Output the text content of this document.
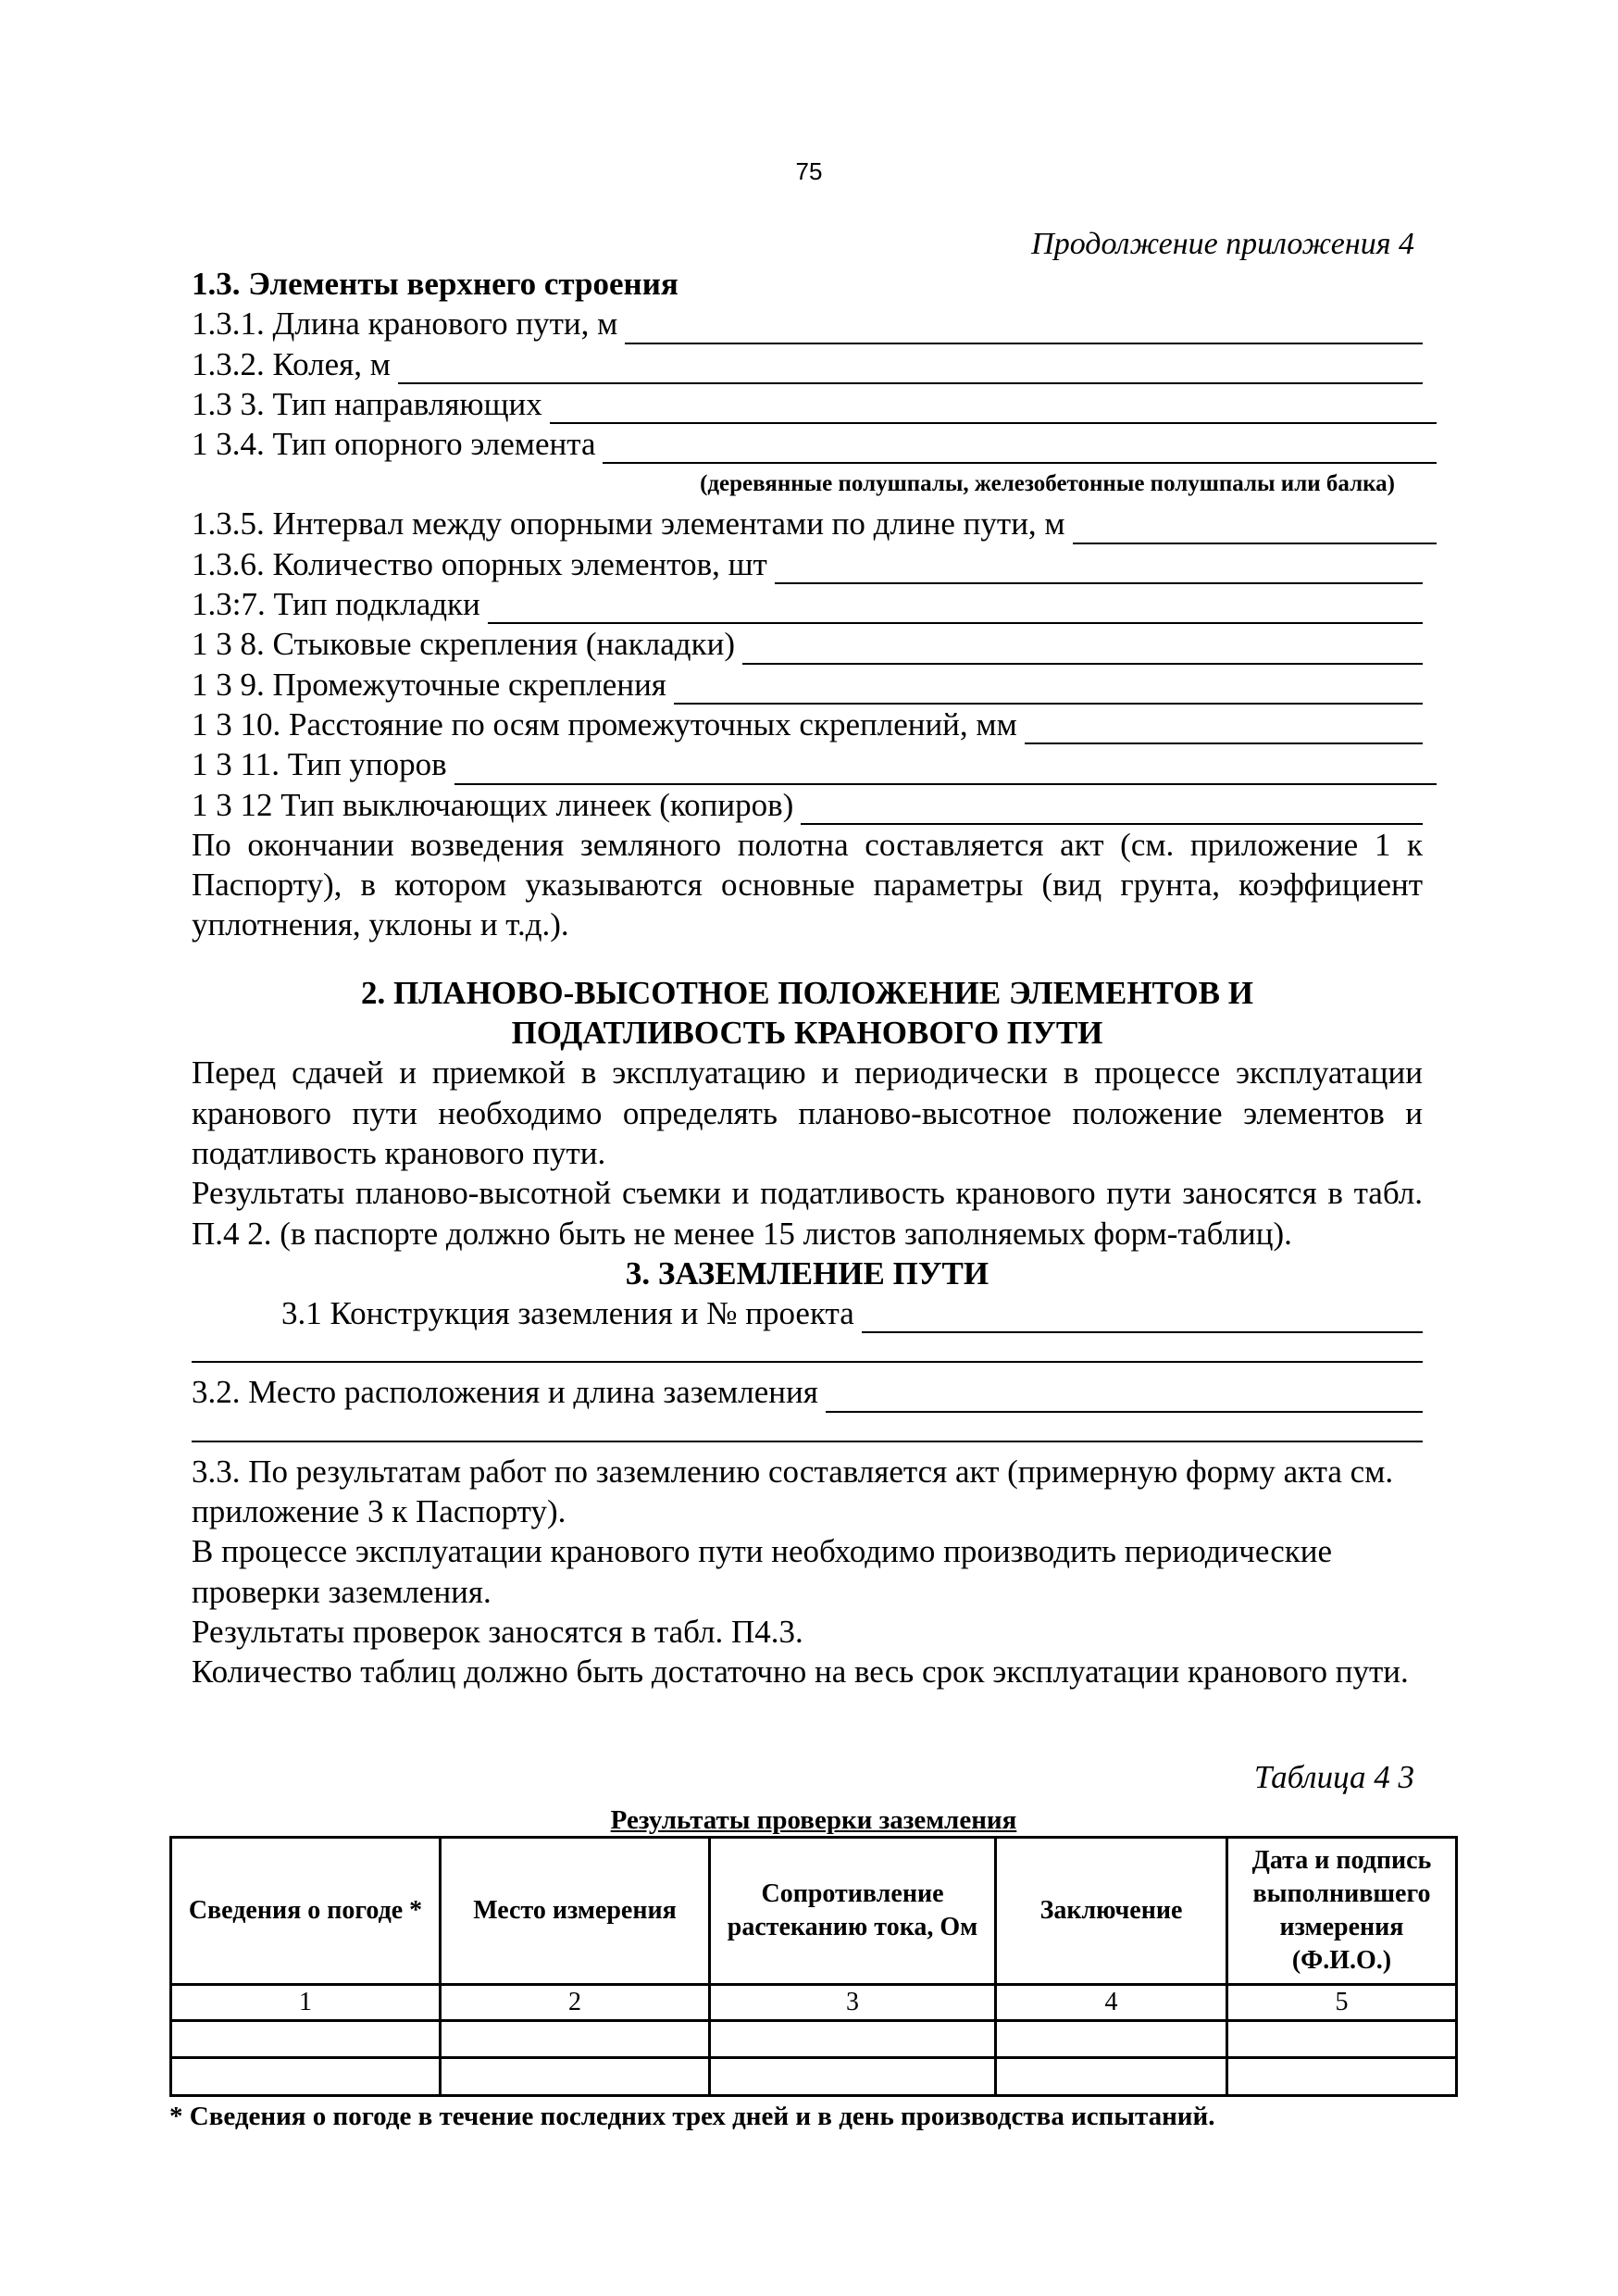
75
Продолжение приложения 4
1.3. Элементы верхнего строения
1.3.1. Длина кранового пути, м
1.3.2. Колея, м
1.3 3. Тип направляющих
1 3.4. Тип опорного элемента
(деревянные полушпалы, железобетонные полушпалы или балка)
1.3.5. Интервал между опорными элементами по длине пути, м
1.3.6. Количество опорных элементов, шт
1.3:7. Тип подкладки
1 3 8. Стыковые скрепления (накладки)
1 3 9. Промежуточные скрепления
1 3 10. Расстояние по осям промежуточных скреплений, мм
1 3 11. Тип упоров
1 3 12 Тип выключающих линеек (копиров)
По окончании возведения земляного полотна составляется акт (см. приложение 1 к Паспорту), в котором указываются основные параметры (вид грунта, коэффициент уплотнения, уклоны и т.д.).
2. ПЛАНОВО-ВЫСОТНОЕ ПОЛОЖЕНИЕ ЭЛЕМЕНТОВ И
ПОДАТЛИВОСТЬ КРАНОВОГО ПУТИ
Перед сдачей и приемкой в эксплуатацию и периодически в процессе эксплуатации кранового пути необходимо определять планово-высотное положение элементов и податливость кранового пути.
Результаты планово-высотной съемки и податливость кранового пути заносятся в табл. П.4 2. (в паспорте должно быть не менее 15 листов заполняемых форм-таблиц).
3. ЗАЗЕМЛЕНИЕ ПУТИ
3.1 Конструкция заземления и № проекта
3.2. Место расположения и длина заземления
3.3. По результатам работ по заземлению составляется акт (примерную форму акта см. приложение 3 к Паспорту).
В процессе эксплуатации кранового пути необходимо производить периодические проверки заземления.
Результаты проверок заносятся в табл. П4.3.
Количество таблиц должно быть достаточно на весь срок эксплуатации кранового пути.
Таблица 4 3
Результаты проверки заземления
Сведения о погоде *	Место измерения	Сопротивление растеканию тока, Ом	Заключение	Дата и подпись выполнившего измерения (Ф.И.О.)
1	2	3	4	5

* Сведения о погоде в течение последних трех дней и в день производства испытаний.
